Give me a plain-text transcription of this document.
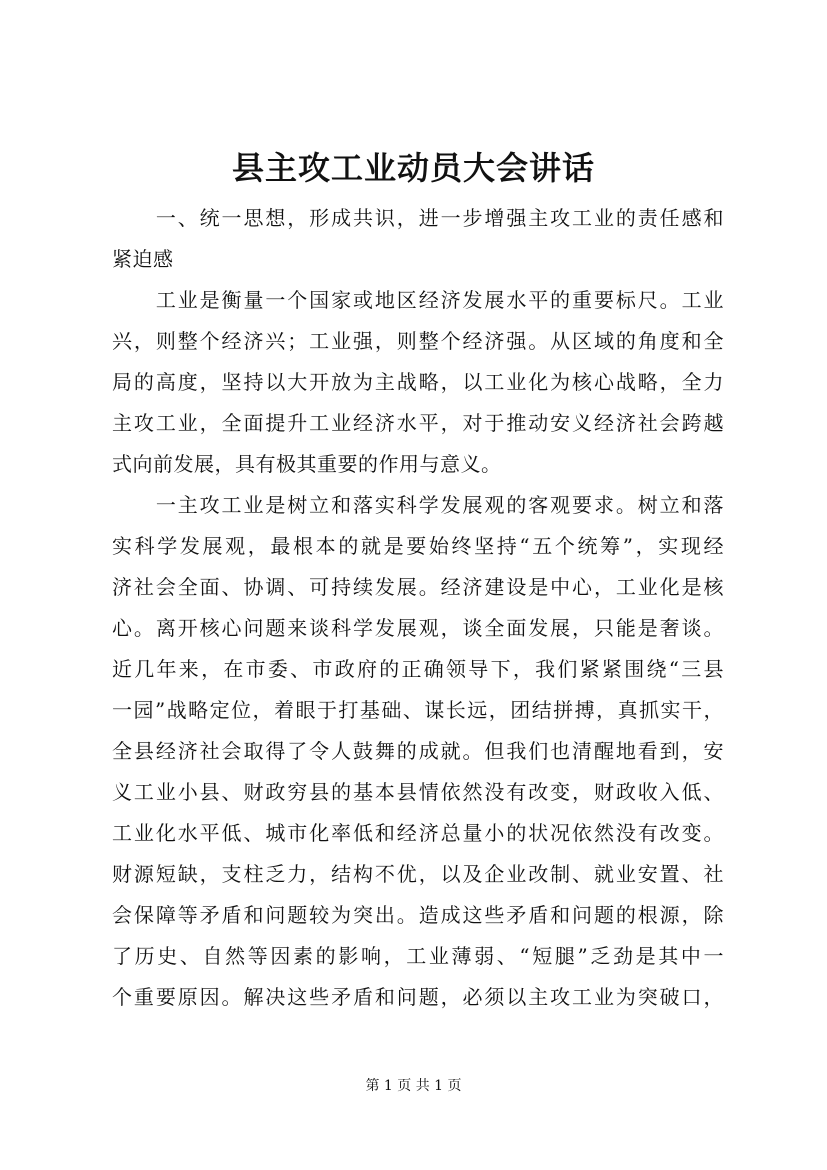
县主攻工业动员大会讲话
　　一、统一思想，形成共识，进一步增强主攻工业的责任感和
紧迫感
　　工业是衡量一个国家或地区经济发展水平的重要标尺。工业
兴，则整个经济兴；工业强，则整个经济强。从区域的角度和全
局的高度，坚持以大开放为主战略，以工业化为核心战略，全力
主攻工业，全面提升工业经济水平，对于推动安义经济社会跨越
式向前发展，具有极其重要的作用与意义。
　　一主攻工业是树立和落实科学发展观的客观要求。树立和落
实科学发展观，最根本的就是要始终坚持“五个统筹”，实现经
济社会全面、协调、可持续发展。经济建设是中心，工业化是核
心。离开核心问题来谈科学发展观，谈全面发展，只能是奢谈。
近几年来，在市委、市政府的正确领导下，我们紧紧围绕“三县
一园”战略定位，着眼于打基础、谋长远，团结拼搏，真抓实干，
全县经济社会取得了令人鼓舞的成就。但我们也清醒地看到，安
义工业小县、财政穷县的基本县情依然没有改变，财政收入低、
工业化水平低、城市化率低和经济总量小的状况依然没有改变。
财源短缺，支柱乏力，结构不优，以及企业改制、就业安置、社
会保障等矛盾和问题较为突出。造成这些矛盾和问题的根源，除
了历史、自然等因素的影响，工业薄弱、“短腿”乏劲是其中一
个重要原因。解决这些矛盾和问题，必须以主攻工业为突破口，
第 1 页 共 1 页
